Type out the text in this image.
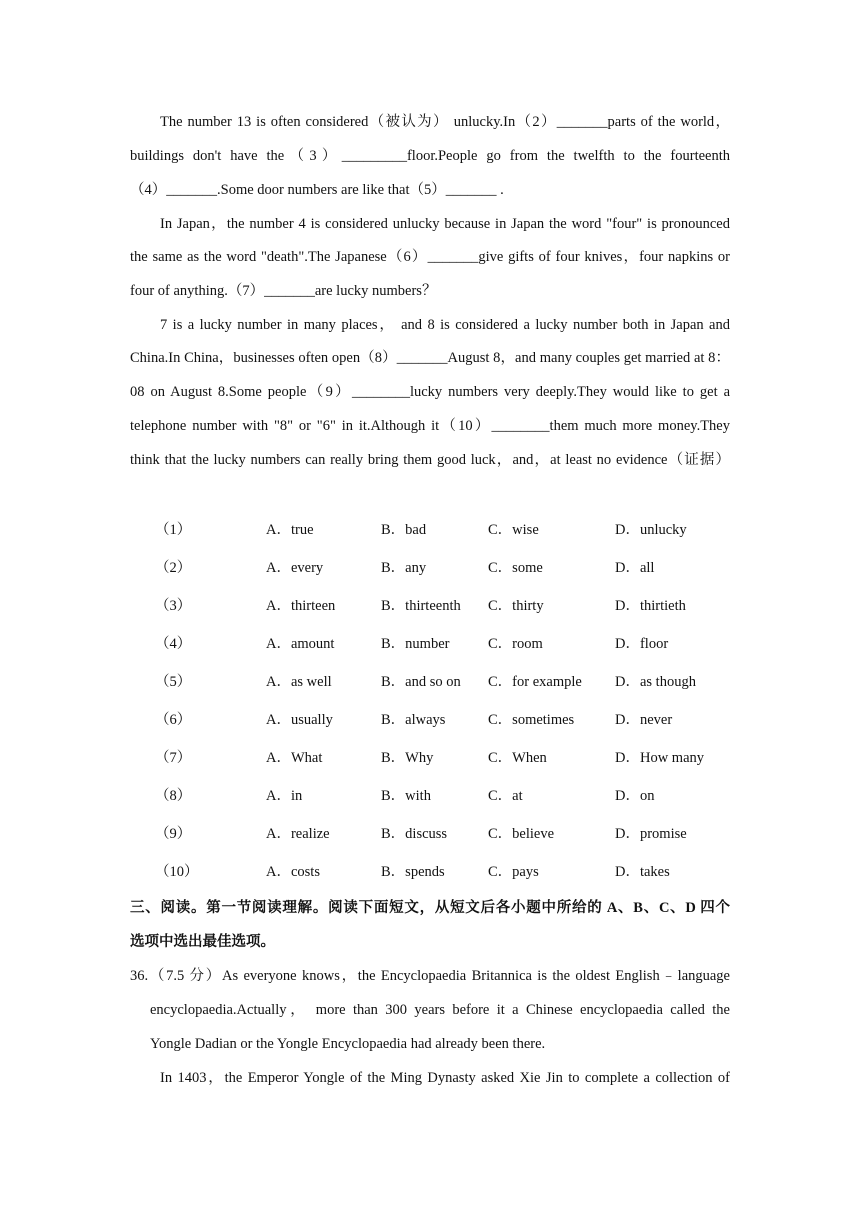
The number 13 is often considered（被认为） unlucky.In（2）_______parts of the world，
buildings don't have the（3）_________floor.People go from the twelfth to the fourteenth
（4）_______.Some door numbers are like that（5）_______ .
In Japan，the number 4 is considered unlucky because in Japan the word "four" is pronounced
the same as the word "death".The Japanese（6）_______give gifts of four knives，four napkins or
four of anything.（7）_______are lucky numbers？
7 is a lucky number in many places， and 8 is considered a lucky number both in Japan and
China.In China，businesses often open（8）_______August 8，and many couples get married at 8：
08 on August 8.Some people（9）________lucky numbers very deeply.They would like to get a
telephone number with "8" or "6" in it.Although it（10）________them much more money.They
think that the lucky numbers can really bring them good luck，and，at least no evidence（证据）
（1）	A．true	B．bad	C．wise	D．unlucky
（2）	A．every	B．any	C．some	D．all
（3）	A．thirteen	B．thirteenth C．thirty	D．thirtieth
（4）	A．amount	B．number	C．room	D．floor
（5）	A．as well	B．and so on C．for example D．as though
（6）	A．usually	B．always	C．sometimes	D．never
（7）	A．What	B．Why	C．When	D．How many
（8）	A．in	B．with	C．at	D．on
（9）	A．realize	B．discuss	C．believe	D．promise
（10）	A．costs	B．spends	C．pays	D．takes
三、阅读。第一节阅读理解。阅读下面短文，从短文后各小题中所给的 A、B、C、D 四个
选项中选出最佳选项。
36.（7.5 分）As everyone knows，the Encyclopaedia Britannica is the oldest English﹣language
encyclopaedia.Actually， more than 300 years before it a Chinese encyclopaedia called the
Yongle Dadian or the Yongle Encyclopaedia had already been there.
In 1403，the Emperor Yongle of the Ming Dynasty asked Xie Jin to complete a collection of
